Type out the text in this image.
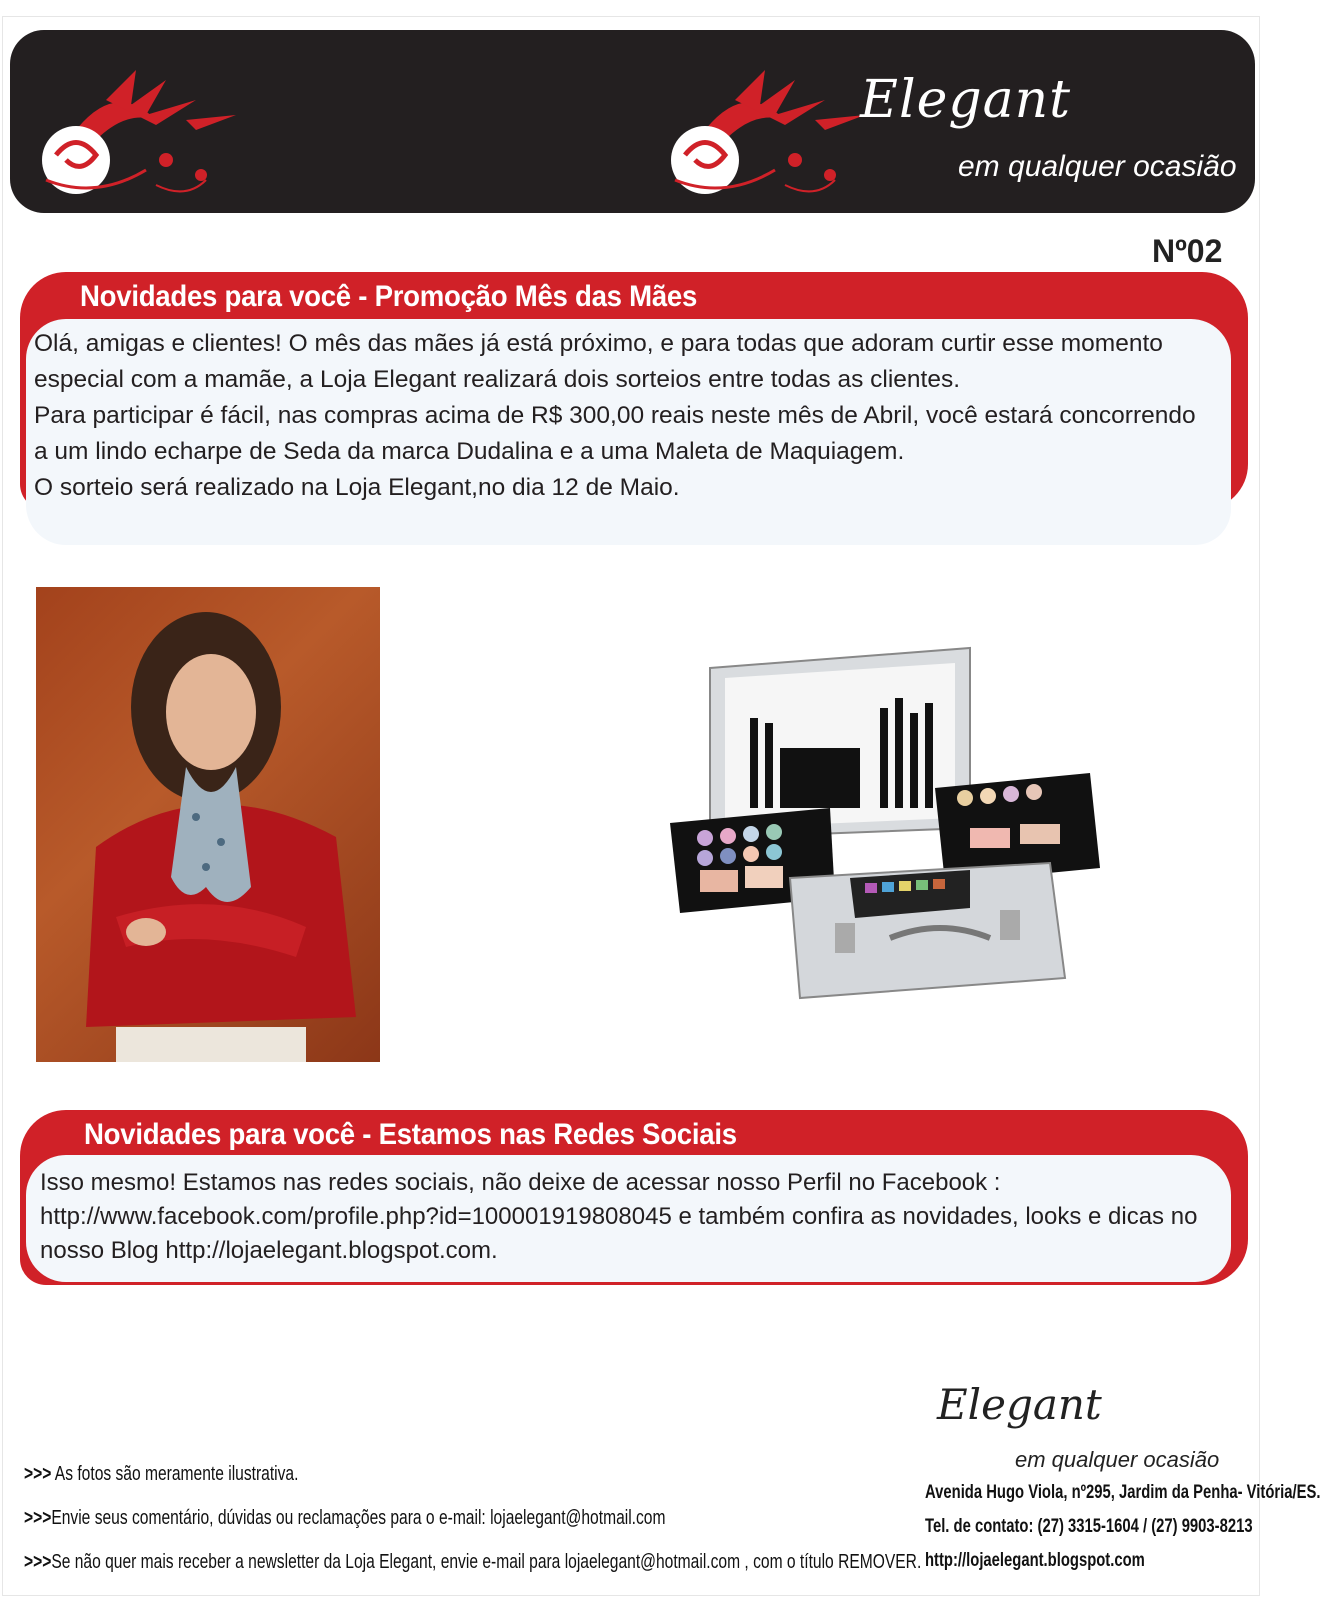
Elegant
em qualquer ocasião
Nº02
Novidades para você - Promoção Mês das Mães

Olá, amigas e clientes! O mês das mães já está próximo, e para todas que adoram curtir esse momento

especial com a mamãe, a Loja Elegant realizará dois sorteios entre todas as clientes.

Para participar é fácil, nas compras acima de R$ 300,00 reais neste mês de Abril, você estará concorrendo

a um lindo echarpe de Seda da marca Dudalina e a uma Maleta de Maquiagem.

O sorteio será realizado na Loja Elegant,no dia 12 de Maio.

Novidades para você - Estamos nas Redes Sociais

Isso mesmo! Estamos nas redes sociais, não deixe de acessar nosso Perfil no Facebook :

http://www.facebook.com/profile.php?id=100001919808045 e também confira as novidades, looks e dicas no

nosso Blog http://lojaelegant.blogspot.com.

Elegant
em qualquer ocasião
>>> As fotos são meramente ilustrativa.
>>>Envie seus comentário, dúvidas ou reclamações para o e-mail: lojaelegant@hotmail.com
>>>Se não quer mais receber a newsletter da Loja Elegant, envie e-mail para lojaelegant@hotmail.com , com o título REMOVER.
Avenida Hugo Viola, nº295, Jardim da Penha- Vitória/ES.
Tel. de contato: (27) 3315-1604 / (27) 9903-8213
http://lojaelegant.blogspot.com
